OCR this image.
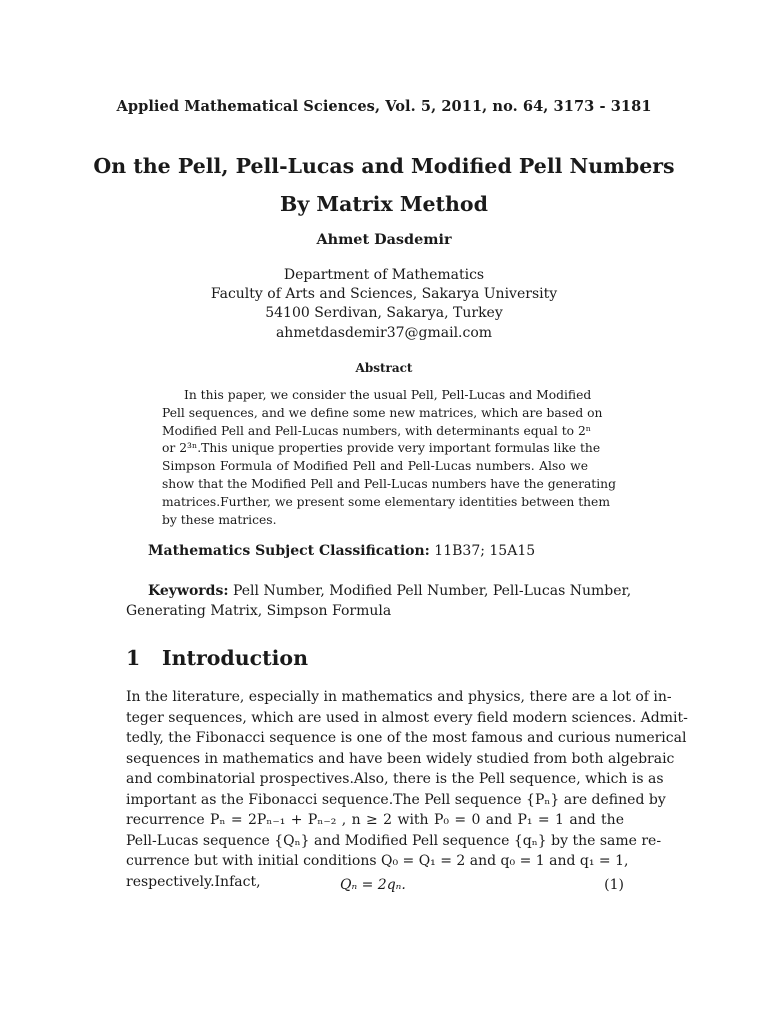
Applied Mathematical Sciences, Vol. 5, 2011, no. 64, 3173 - 3181
On the Pell, Pell-Lucas and Modified Pell Numbers
By Matrix Method
Ahmet Dasdemir
Department of Mathematics
Faculty of Arts and Sciences, Sakarya University
54100 Serdivan, Sakarya, Turkey
ahmetdasdemir37@gmail.com
Abstract
In this paper, we consider the usual Pell, Pell-Lucas and Modified
Pell sequences, and we define some new matrices, which are based on
Modified Pell and Pell-Lucas numbers, with determinants equal to 2ⁿ
or 2³ⁿ.This unique properties provide very important formulas like the
Simpson Formula of Modified Pell and Pell-Lucas numbers. Also we
show that the Modified Pell and Pell-Lucas numbers have the generating
matrices.Further, we present some elementary identities between them
by these matrices.
Mathematics Subject Classification: 11B37; 15A15
Keywords: Pell Number, Modified Pell Number, Pell-Lucas Number,
Generating Matrix, Simpson Formula
1 Introduction
In the literature, especially in mathematics and physics, there are a lot of in-
teger sequences, which are used in almost every field modern sciences. Admit-
tedly, the Fibonacci sequence is one of the most famous and curious numerical
sequences in mathematics and have been widely studied from both algebraic
and combinatorial prospectives.Also, there is the Pell sequence, which is as
important as the Fibonacci sequence.The Pell sequence {Pₙ} are defined by
recurrence Pₙ = 2Pₙ₋₁ + Pₙ₋₂ , n ≥ 2 with P₀ = 0 and P₁ = 1 and the
Pell-Lucas sequence {Qₙ} and Modified Pell sequence {qₙ} by the same re-
currence but with initial conditions Q₀ = Q₁ = 2 and q₀ = 1 and q₁ = 1,
respectively.Infact,	Qₙ = 2qₙ.	(1)
